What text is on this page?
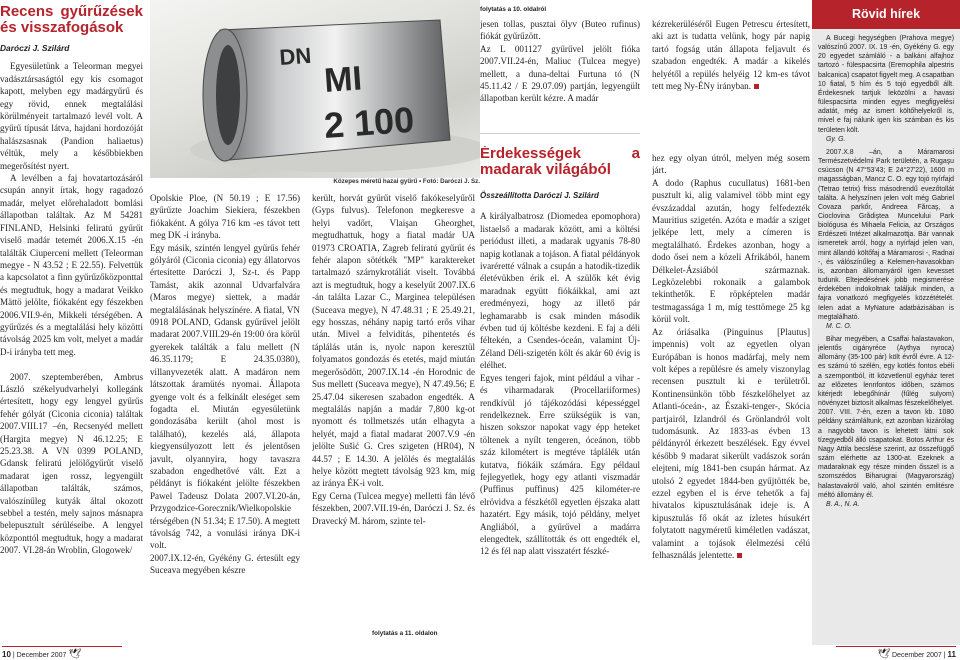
Recens gyűrűzések és visszafogások
Daróczi J. Szilárd

Egyesületünk a Teleorman megyei vadásztársaságtól egy kis csomagot kapott, melyben egy madárgyűrű és egy rövid, ennek megtalálási körülményeit tartalmazó levél volt. A gyűrű típusát látva, hajdani hordozóját halászsasnak (Pandion haliaetus) véltük, mely a későbbiekben megerősítést nyert.

A levélben a faj hovatartozásáról csupán annyit írtak, hogy ragadozó madár, melyet előrehaladott bomlási állapotban találtak. Az M 54281 FINLAND, Helsinki feliratú gyűrűt viselő madár tetemét 2006.X.15 -én találták Ciuperceni mellett (Teleorman megye - N 43.52 ; E 22.55). Felvettük a kapcsolatot a finn gyűrűzőközponttal és megtudtuk, hogy a madarat Veikko Mättö jelölte, fiókaként egy fészekben 2006.VII.9-én, Mikkeli térségében. A gyűrűzés és a megtalálási hely közötti távolság 2025 km volt, melyet a madár D-i irányba tett meg.

2007. szeptemberében, Ambrus László székelyudvarhelyi kollegánk értesített, hogy egy lengyel gyűrűs fehér gólyát (Ciconia ciconia) találtak 2007.VIII.17 –én, Recsenyéd mellett (Hargita megye) N 46.12.25; E 25.23.38. A VN 0399 POLAND, Gdansk feliratú jelölőgyűrűt viselő madarat igen rossz, legyengült állapotban találták, számos, valószínűleg kutyák által okozott sebbel a testén, mely sajnos másnapra belepusztult sérüléseibe. A lengyel központtól megtudtuk, hogy a madarat 2007. VI.28-án Wroblin, Glogowek/

DN
MI
2 100
Közepes méretű hazai gyűrű • Fotó: Daróczi J. Sz.

Opolskie Ploe, (N 50.19 ; E 17.56) gyűrűzte Joachim Siekiera, fészekben fiókaként. A gólya 716 km -es távot tett meg DK -i irányba.
Egy másik, szintén lengyel gyűrűs fehér gólyáról (Ciconia ciconia) egy állatorvos értesítette Daróczi J, Sz-t. és Papp Tamást, akik azonnal Udvarfalvára (Maros megye) siettek, a madár megtalálásának helyszínére. A fiatal, VN 0918 POLAND, Gdansk gyűrűvel jelölt madarat 2007.VIII.29-én 19:00 óra körül gyerekek találták a falu mellett (N 46.35.1179; E 24.35.0380), villanyvezeték alatt. A madáron nem látszottak áramütés nyomai. Állapota gyenge volt és a felkínált eleséget sem fogadta el. Miután egyesületünk gondozásába került (ahol most is található), kezelés alá, állapota kiegyensúlyozott lett és jelentősen javult, olyannyira, hogy tavaszra szabadon engedhetővé vált. Ezt a példányt is fiókaként jelölte fészekben Pawel Tadeusz Dolata 2007.VI.20-án, Przygodzice-Gorecznik/Wielkopolskie térségében (N 51.34; E 17.50). A megtett távolság 742, a vonulási iránya DK-i volt.
2007.IX.12-én, Gyékény G. értesült egy Suceava megyében készre

került, horvát gyűrűt viselő fakókeselyűről (Gyps fulvus). Telefonon megkeresve a helyi vadőrt, Vlaişan Gheorghet, megtudhattuk, hogy a fiatal madár UA 01973 CROATIA, Zagreb feliratú gyűrűt és fehér alapon sötétkék "MP" karaktereket tartalmazó szárnykrotáliát viselt. Továbbá azt is megtudtuk, hogy a keselyűt 2007.IX.6 -án találta Lazar C., Marginea településen (Suceava megye), N 47.48.31 ; E 25.49.21, egy hosszas, néhány napig tartó erős vihar után. Mivel a felvidítás, pihentetés és táplálás után is, nyolc napon keresztül folyamatos gondozás és etetés, majd miután megerősödött, 2007.IX.14 -én Horodnic de Sus mellett (Suceava megye), N 47.49.56; E 25.47.04 sikeresen szabadon engedték. A megtalálás napján a madár 7,800 kg-ot nyomott és tollmetszés után elhagyta a helyét, majd a fiatal madarat 2007.V.9 -én jelölte Sušić G. Cres szigeten (HR04), N 44.57 ; E 14.30. A jelölés és megtalálás helye között megtett távolság 923 km, míg az iránya ÉK-i volt.
Egy Cerna (Tulcea megye) melletti fán lévő fészekben, 2007.VII.19-én, Daróczi J. Sz. és Dravecký M. három, szinte tel-

folytatás a 11. oldalon
10 | December 2007 🕊
folytatás a 10. oldalról

jesen tollas, pusztai ölyv (Buteo rufinus) fiókát gyűrűzött.
Az L 001127 gyűrűvel jelölt fióka 2007.VII.24-én, Maliuc (Tulcea megye) mellett, a duna-deltai Furtuna tó (N 45.11.42 / E 29.07.09) partján, legyengült állapotban került kézre. A madár

kézrekerüléséről Eugen Petrescu értesített, aki azt is tudatta velünk, hogy pár napig tartó fogság után állapota feljavult és szabadon engedték. A madár a kikelés helyétől a repülés helyéig 12 km-es távot tett meg Ny-ÉNy irányban.

Érdekességek a madarak világából
Összeállította Daróczi J. Szilárd

A királyalbatrosz (Diomedea epomophora) listaelső a madarak között, ami a költési periódust illeti, a madarak ugyanis 78-80 napig kotlanak a tojáson. A fiatal példányok ivaréretté válnak a csupán a hatodik-tizedik életévükben érik el. A szülők két évig maradnak együtt fiókáikkal, ami azt eredményezi, hogy az illető pár leghamarabb is csak minden második évben tud új költésbe kezdeni. E faj a déli féltekén, a Csendes-óceán, valamint Új-Zéland Déli-szigetén költ és akár 60 évig is elélhet.
Egyes tengeri fajok, mint például a vihar - és viharmadarak (Procellariiformes) rendkívül jó tájékozódási képességgel rendelkeznek. Erre szükségük is van, hiszen sokszor napokat vagy épp heteket töltenek a nyílt tengeren, óceánon, több száz kilométert is megtéve táplálék után kutatva, fiókáik számára. Egy példaul fejlegyetlek, hogy egy atlanti viszmadár (Puffinus puffinus) 425 kilométer-re elrövidva a fészkétől egyetlen éjszaka alatt hazatért. Egy másik, tojó példány, melyet Angliából, a gyűrűvel a madárra elengedtek, szállították és ott engedték el, 12 és fél nap alatt visszatért fészké-

hez egy olyan útról, melyen még sosem járt.
A dodo (Raphus cucullatus) 1681-ben pusztult ki, alig valamivel több mint egy évszázaddal azután, hogy felfedezték Mauritius szigetén. Azóta e madár a sziget jelképe lett, mely a címeren is megtalálható. Érdekes azonban, hogy a dodo ősei nem a közeli Afrikából, hanem Délkelet-Ázsiából származnak. Legközelebbi rokonaik a galambok tekinthetők. E röpképtelen madár testmagassága 1 m, míg testtömege 25 kg körül volt.
Az óriásalka (Pinguinus [Plautus] impennis) volt az egyetlen olyan Európában is honos madárfaj, mely nem volt képes a repülésre és amely viszonylag recensen pusztult ki e területről. Kontinensünkön több fészkelőhelyet az Atlanti-óceán-, az Északi-tenger-, Skócia partjairól, Izlandról és Grönlandról volt tudomásunk. Az 1833-as évben 13 példányról érkezett beszélések. Egy évvel később 9 madarat sikerült vadászok során elejteni, míg 1841-ben csupán hármat. Az utolsó 2 egyedet 1844-ben gyűjtötték be, ezzel egyben el is érve tehetők a faj hivatalos kipusztulásának ideje is. A kipusztulás fő okát az ízletes húsukért folytatott nagyméretű kiméletlen vadászat, valamint a tojások élelmezési célú felhasználás jelentette.

Rövid hírek

A Bucegi hegységben (Prahova megye) valószínű 2007. IX. 19 -én, Gyékény G. egy 20 egyedet számláló - a balkáni alfajhoz tartozó - fülespacsirta (Eremophila alpestris balcanica) csapatot figyelt meg. A csapatban 10 fiatal, 5 hím és 5 tojó egyedből állt. Érdekesnek tartjuk leközölni a havasi fülespacsirta minden egyes megfigyelési adatát, még az ismert költőhelyekről is, mivel e faj nálunk igen kis számban és kis területen költ.

Gy. G.

2007.X.8 –án, a Máramarosi Természetvédelmi Park területén, a Rugaşu csúcson (N 47°53'43; E 24°27'22), 1600 m magasságban, Mancz C. O. egy tojó nyírfajd (Tetrao tetrix) friss másodrendű evezőtollát találta. A helyszínen jelen volt még Gabriel Covaza parkőr, Andreea Fărcaş, a Cioclovina Grădiştea Muncelului Park biológusa és Mihaela Felicia, az Országos Erdészeti Intézet alkalmazottja. Bár vannak ismeretek arról, hogy a nyírfajd jelen van, mint állandó költőfaj a Máramarosi -, Radnai -, és válószínűleg a Kelemen-havasokban is, azonban állomanyáról igen kevesset tudunk. Eltejedésének jobb megismerése érdekében indokoltnak találjuk minden, a fajra vonatkozó megfigyelés közzétételét. Ielen adat a MyNature adatbázisában is megtalálható.

M. C. O.

Bihar megyében, a Csaffai halastavakon, jelentős cigányréce (Aythya nyroca) állomány (35-100 pár) költ évről évre. A 12-es számú tó szélén, egy kotlés fontos ebéli a szempontból, itt közvetlenül egyház teret az előzetes lennfontos időben, számos kitérjedt lebegőhínár (fűlég sulyom) növényzet biztosít alkalmas fészekelőhelyet. 2007. VIII. 7-én, ezen a tavon kb. 1080 példány számláltunk, ezt azonban kizárólag a nagyobb tavon is lehetett látni sok tízegyedből álló csapatokat. Botos Arthur és Nagy Attila becslése szerint, az összefüggő szám elérhette az 1300-at. Ezeknek a madaraknak egy része minden ősszel is a szomszédos Biharugrai (Magyarország) halastavakról való, ahol szintén emlitésre méltó állomány él.

B. A., N. A.

🕊 December 2007 | 11
